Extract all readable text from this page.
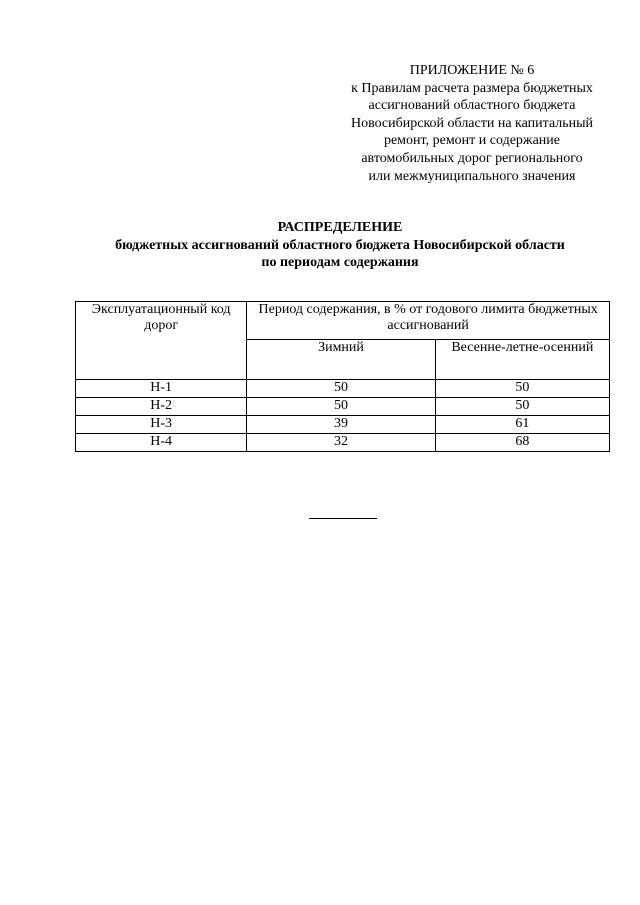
ПРИЛОЖЕНИЕ № 6
к Правилам расчета размера бюджетных
ассигнований областного бюджета
Новосибирской области на капитальный
ремонт, ремонт и содержание
автомобильных дорог регионального
или межмуниципального значения
РАСПРЕДЕЛЕНИЕ
бюджетных ассигнований областного бюджета Новосибирской области
по периодам содержания
Эксплуатационный код дорог	Период содержания, в % от годового лимита бюджетных ассигнований	
	Зимний	Весенне-летне-осенний
Н-1	50	50
Н-2	50	50
Н-3	39	61
Н-4	32	68
